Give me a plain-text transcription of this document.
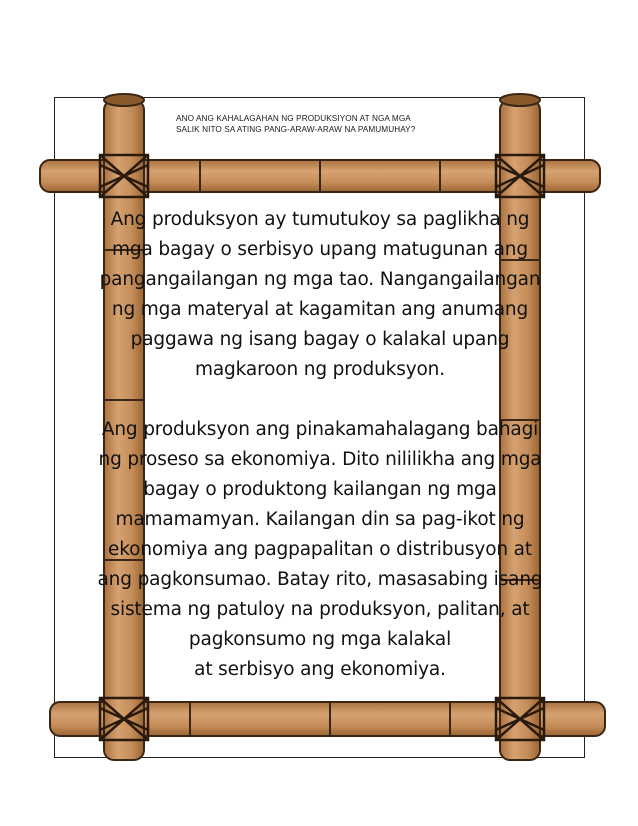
ANO ANG KAHALAGAHAN NG PRODUKSIYON AT NGA MGA
SALIK NITO SA ATING PANG-ARAW-ARAW NA PAMUMUHAY?
Ang produksyon ay tumutukoy sa paglikha ng
mga bagay o serbisyo upang matugunan ang
pangangailangan ng mga tao. Nangangailangan
ng mga materyal at kagamitan ang anumang
paggawa ng isang bagay o kalakal upang
magkaroon ng produksyon.
Ang produksyon ang pinakamahalagang bahagi
ng proseso sa ekonomiya. Dito nililikha ang mga
bagay o produktong kailangan ng mga
mamamamyan. Kailangan din sa pag-ikot ng
ekonomiya ang pagpapalitan o distribusyon at
ang pagkonsumao. Batay rito, masasabing isang
sistema ng patuloy na produksyon, palitan, at
pagkonsumo ng mga kalakal
at serbisyo ang ekonomiya.
